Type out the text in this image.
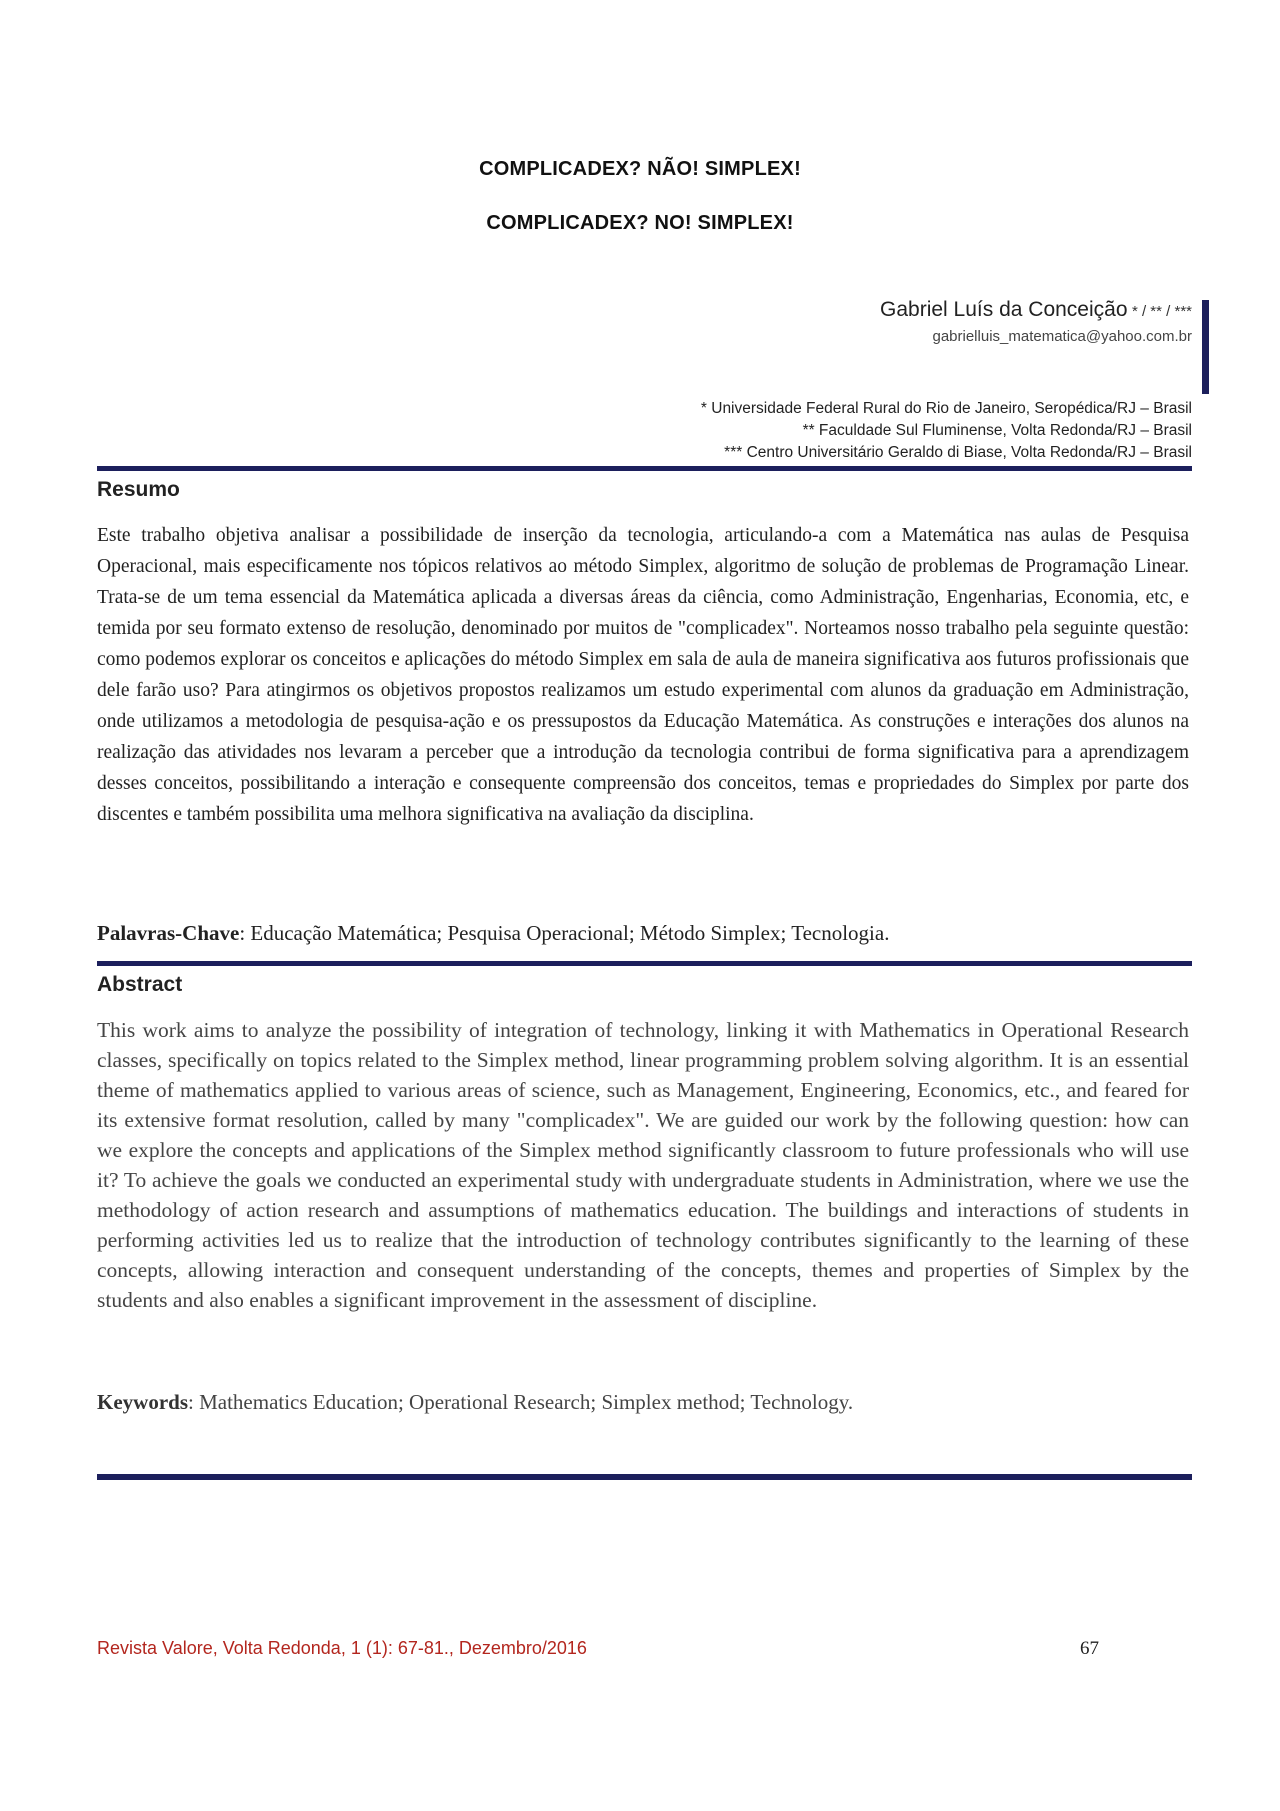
COMPLICADEX? NÃO! SIMPLEX!
COMPLICADEX? NO! SIMPLEX!
Gabriel Luís da Conceição * / ** / ***
gabrielluis_matematica@yahoo.com.br
* Universidade Federal Rural do Rio de Janeiro, Seropédica/RJ – Brasil
** Faculdade Sul Fluminense, Volta Redonda/RJ – Brasil
*** Centro Universitário Geraldo di Biase, Volta Redonda/RJ – Brasil
Resumo
Este trabalho objetiva analisar a possibilidade de inserção da tecnologia, articulando-a com a Matemática nas aulas de Pesquisa Operacional, mais especificamente nos tópicos relativos ao método Simplex, algoritmo de solução de problemas de Programação Linear. Trata-se de um tema essencial da Matemática aplicada a diversas áreas da ciência, como Administração, Engenharias, Economia, etc, e temida por seu formato extenso de resolução, denominado por muitos de "complicadex". Norteamos nosso trabalho pela seguinte questão: como podemos explorar os conceitos e aplicações do método Simplex em sala de aula de maneira significativa aos futuros profissionais que dele farão uso? Para atingirmos os objetivos propostos realizamos um estudo experimental com alunos da graduação em Administração, onde utilizamos a metodologia de pesquisa-ação e os pressupostos da Educação Matemática. As construções e interações dos alunos na realização das atividades nos levaram a perceber que a introdução da tecnologia contribui de forma significativa para a aprendizagem desses conceitos, possibilitando a interação e consequente compreensão dos conceitos, temas e propriedades do Simplex por parte dos discentes e também possibilita uma melhora significativa na avaliação da disciplina.
Palavras-Chave: Educação Matemática; Pesquisa Operacional; Método Simplex; Tecnologia.
Abstract
This work aims to analyze the possibility of integration of technology, linking it with Mathematics in Operational Research classes, specifically on topics related to the Simplex method, linear programming problem solving algorithm. It is an essential theme of mathematics applied to various areas of science, such as Management, Engineering, Economics, etc., and feared for its extensive format resolution, called by many "complicadex". We are guided our work by the following question: how can we explore the concepts and applications of the Simplex method significantly classroom to future professionals who will use it? To achieve the goals we conducted an experimental study with undergraduate students in Administration, where we use the methodology of action research and assumptions of mathematics education. The buildings and interactions of students in performing activities led us to realize that the introduction of technology contributes significantly to the learning of these concepts, allowing interaction and consequent understanding of the concepts, themes and properties of Simplex by the students and also enables a significant improvement in the assessment of discipline.
Keywords: Mathematics Education; Operational Research; Simplex method; Technology.
Revista Valore, Volta Redonda, 1 (1): 67-81., Dezembro/2016	67
